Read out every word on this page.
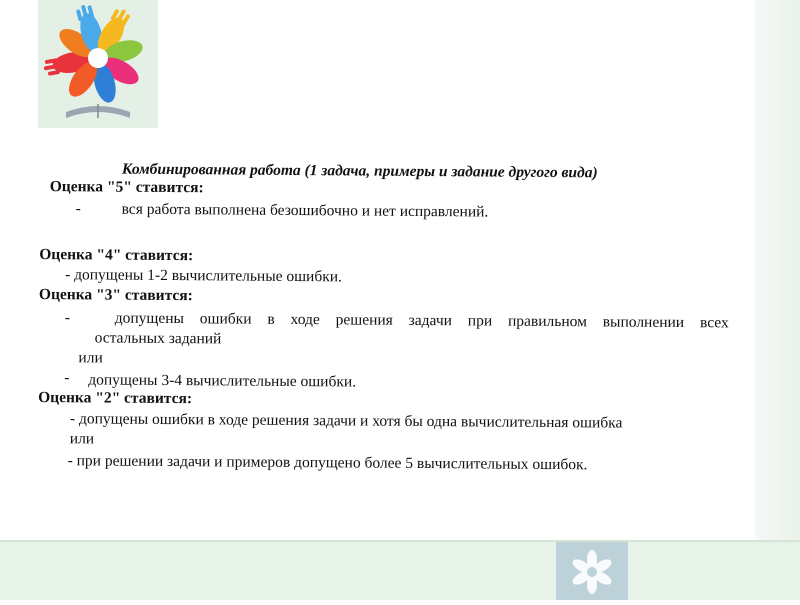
Комбинированная работа (1 задача, примеры и задание другого вида)
Оценка "5" ставится:
-	вся работа выполнена безошибочно и нет исправлений.
Оценка "4" ставится:
- допущены 1-2 вычислительные ошибки.
Оценка "3" ставится:
-	допущены ошибки в ходе решения задачи при правильном выполнении всех
остальных заданий
или
- допущены 3-4 вычислительные ошибки.
Оценка "2" ставится:
- допущены ошибки в ходе решения задачи и хотя бы одна вычислительная ошибка
или
- при решении задачи и примеров допущено более 5 вычислительных ошибок.
